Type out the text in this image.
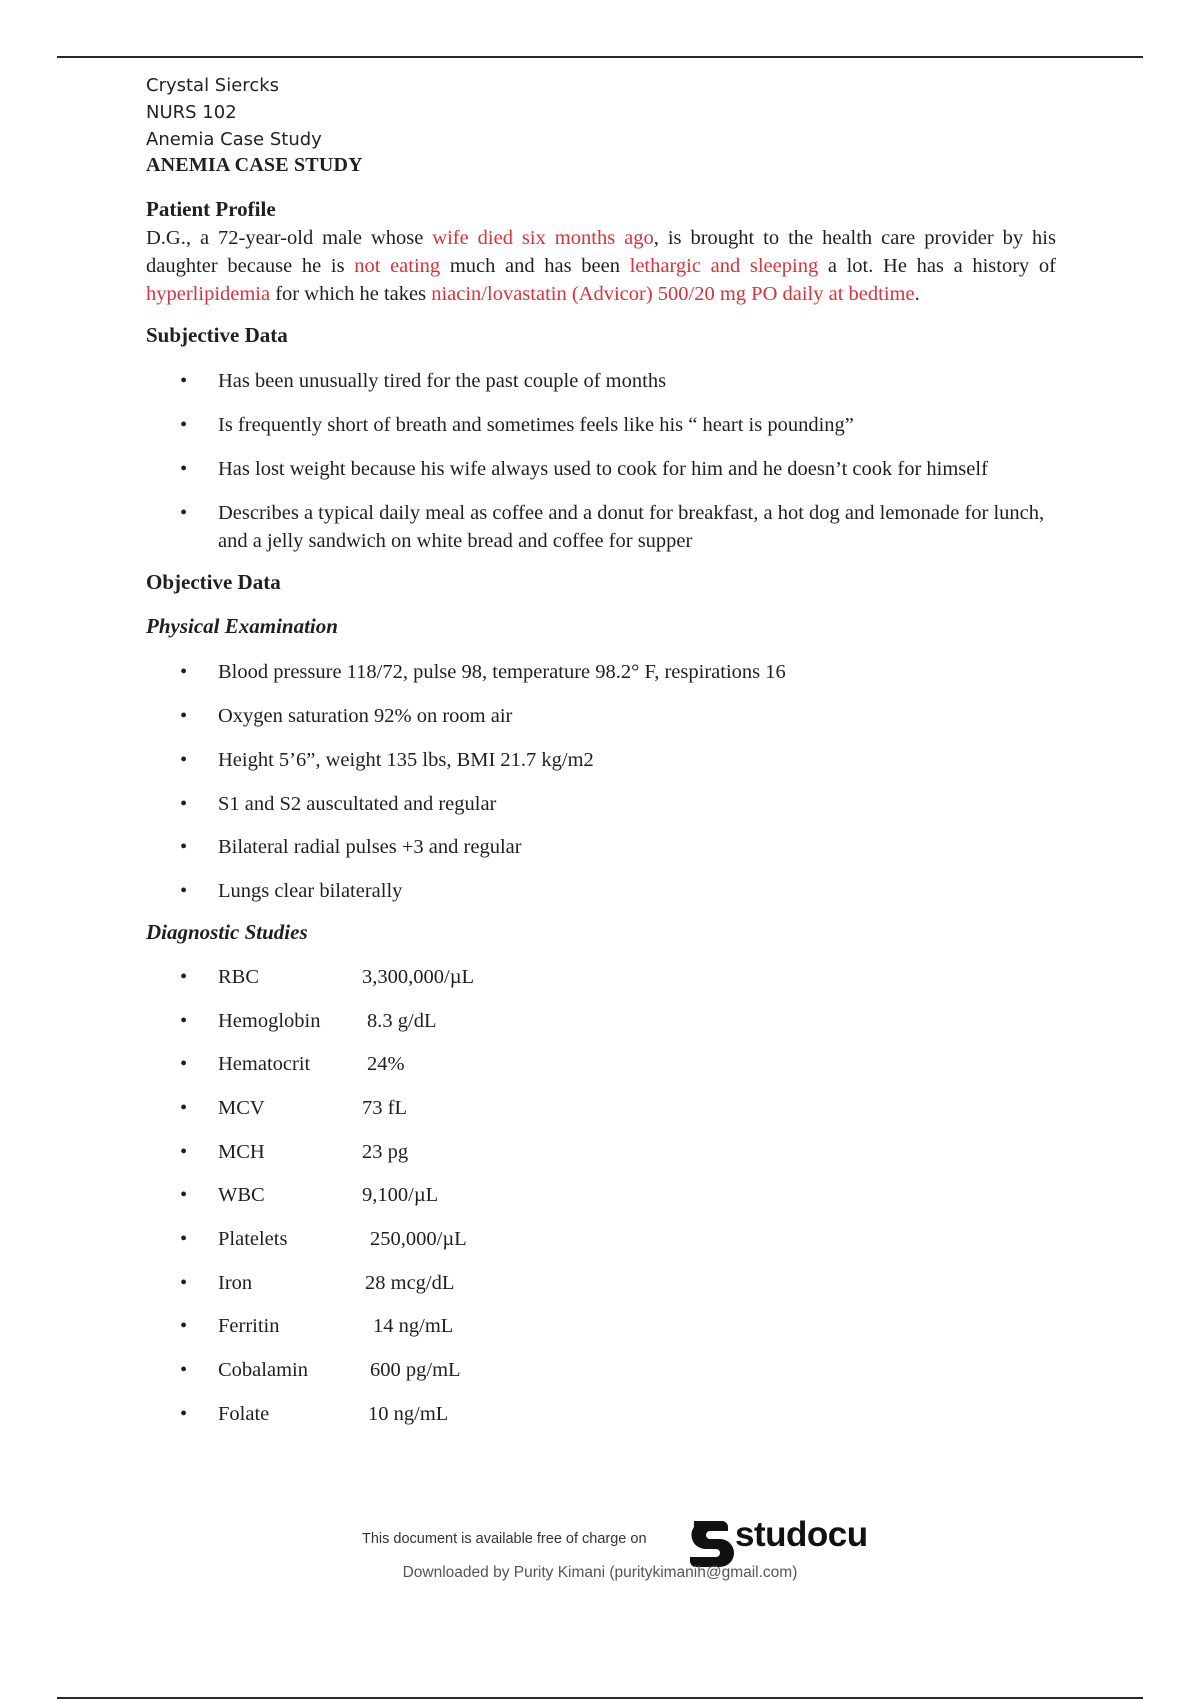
Crystal Siercks
NURS 102
Anemia Case Study
ANEMIA CASE STUDY
Patient Profile
D.G., a 72-year-old male whose wife died six months ago, is brought to the health care provider by his daughter because he is not eating much and has been lethargic and sleeping a lot. He has a history of hyperlipidemia for which he takes niacin/lovastatin (Advicor) 500/20 mg PO daily at bedtime.
Subjective Data
• Has been unusually tired for the past couple of months
• Is frequently short of breath and sometimes feels like his “ heart is pounding”
• Has lost weight because his wife always used to cook for him and he doesn’t cook for himself
• Describes a typical daily meal as coffee and a donut for breakfast, a hot dog and lemonade for lunch, and a jelly sandwich on white bread and coffee for supper
Objective Data
Physical Examination
• Blood pressure 118/72, pulse 98, temperature 98.2° F, respirations 16
• Oxygen saturation 92% on room air
• Height 5’6”, weight 135 lbs, BMI 21.7 kg/m2
• S1 and S2 auscultated and regular
• Bilateral radial pulses +3 and regular
• Lungs clear bilaterally
Diagnostic Studies
• RBC	3,300,000/µL
• Hemoglobin 8.3 g/dL
• Hematocrit	24%
• MCV	73 fL
• MCH	23 pg
• WBC	9,100/µL
• Platelets	250,000/µL
• Iron	28 mcg/dL
• Ferritin	14 ng/mL
• Cobalamin	600 pg/mL
• Folate	10 ng/mL
This document is available free of charge on	studocu
Downloaded by Purity Kimani (puritykimanih@gmail.com)
